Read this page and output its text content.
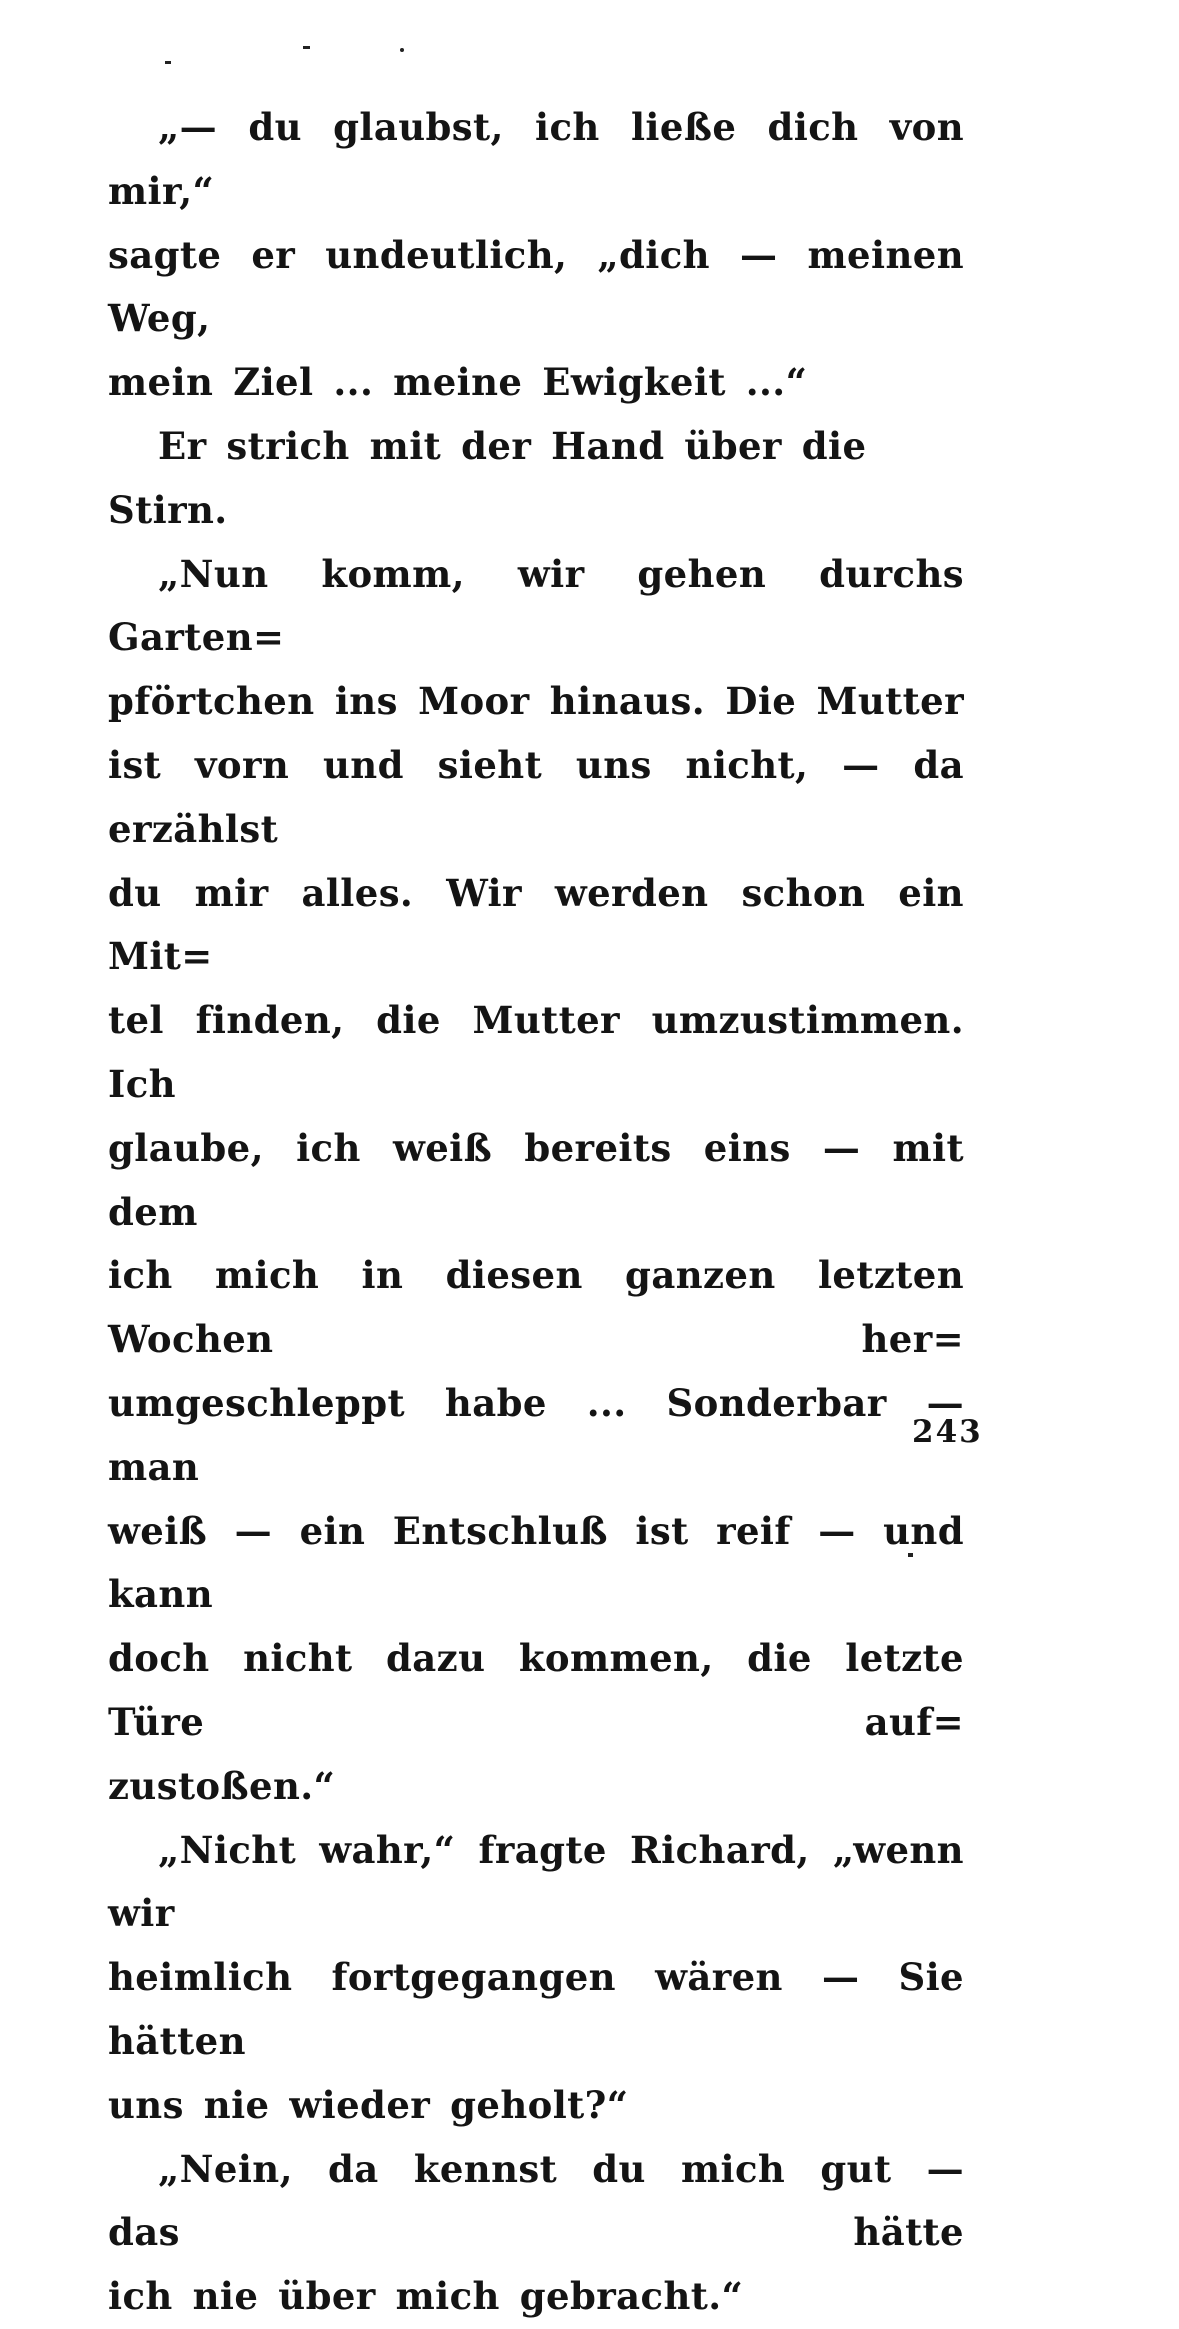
„— du glaubst, ich ließe dich von mir,“
sagte er undeutlich, „dich — meinen Weg,
mein Ziel ... meine Ewigkeit ...“
Er strich mit der Hand über die Stirn.
„Nun komm, wir gehen durchs Garten=
pförtchen ins Moor hinaus. Die Mutter
ist vorn und sieht uns nicht, — da erzählst
du mir alles. Wir werden schon ein Mit=
tel finden, die Mutter umzustimmen. Ich
glaube, ich weiß bereits eins — mit dem
ich mich in diesen ganzen letzten Wochen her=
umgeschleppt habe ... Sonderbar — man
weiß — ein Entschluß ist reif — und kann
doch nicht dazu kommen, die letzte Türe auf=
zustoßen.“
„Nicht wahr,“ fragte Richard, „wenn wir
heimlich fortgegangen wären — Sie hätten
uns nie wieder geholt?“
„Nein, da kennst du mich gut — das hätte
ich nie über mich gebracht.“
243
